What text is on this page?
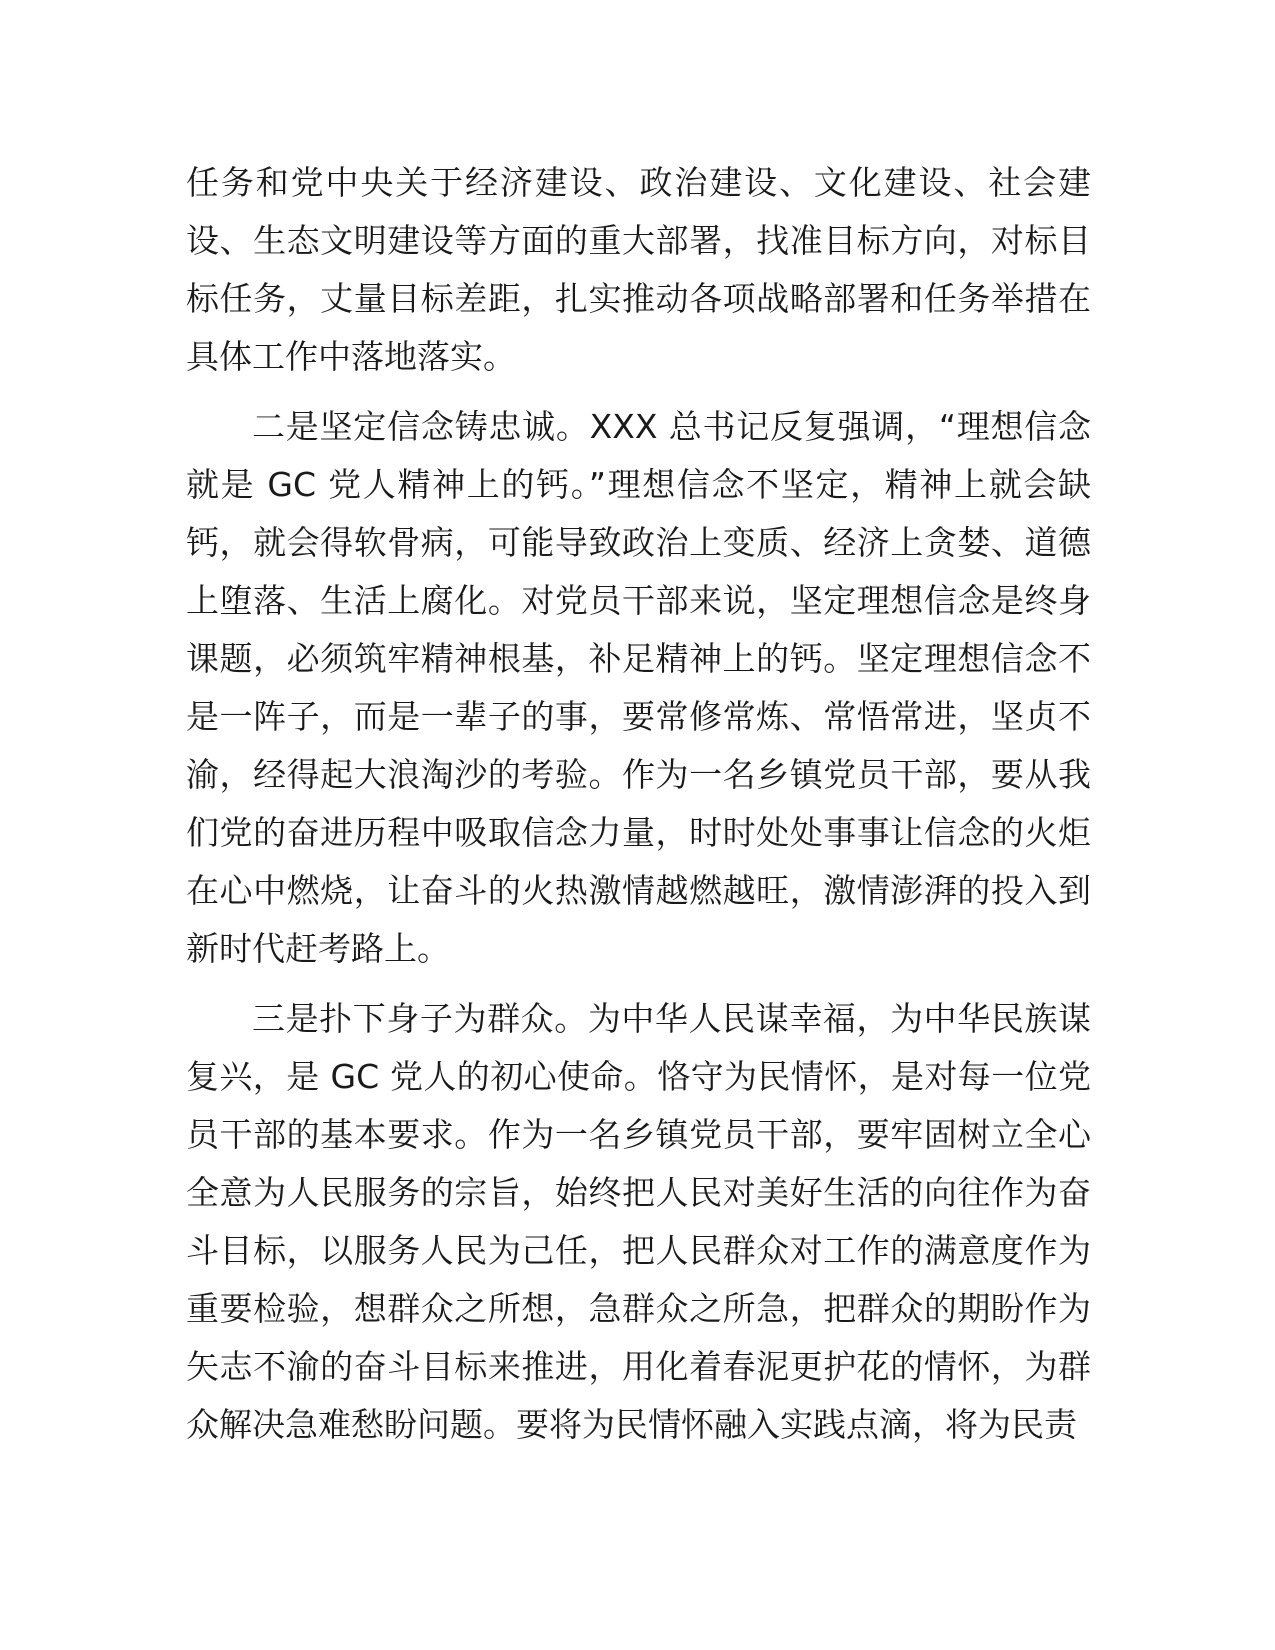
任务和党中央关于经济建设、政治建设、文化建设、社会建设、生态文明建设等方面的重大部署，找准目标方向，对标目标任务，丈量目标差距，扎实推动各项战略部署和任务举措在具体工作中落地落实。

二是坚定信念铸忠诚。XXX 总书记反复强调，“理想信念就是 GC 党人精神上的钙。”理想信念不坚定，精神上就会缺钙，就会得软骨病，可能导致政治上变质、经济上贪婪、道德上堕落、生活上腐化。对党员干部来说，坚定理想信念是终身课题，必须筑牢精神根基，补足精神上的钙。坚定理想信念不是一阵子，而是一辈子的事，要常修常炼、常悟常进，坚贞不渝，经得起大浪淘沙的考验。作为一名乡镇党员干部，要从我们党的奋进历程中吸取信念力量，时时处处事事让信念的火炬在心中燃烧，让奋斗的火热激情越燃越旺，激情澎湃的投入到新时代赶考路上。

三是扑下身子为群众。为中华人民谋幸福，为中华民族谋复兴，是 GC 党人的初心使命。恪守为民情怀，是对每一位党员干部的基本要求。作为一名乡镇党员干部，要牢固树立全心全意为人民服务的宗旨，始终把人民对美好生活的向往作为奋斗目标，以服务人民为己任，把人民群众对工作的满意度作为重要检验，想群众之所想，急群众之所急，把群众的期盼作为矢志不渝的奋斗目标来推进，用化着春泥更护花的情怀，为群众解决急难愁盼问题。要将为民情怀融入实践点滴，将为民责
